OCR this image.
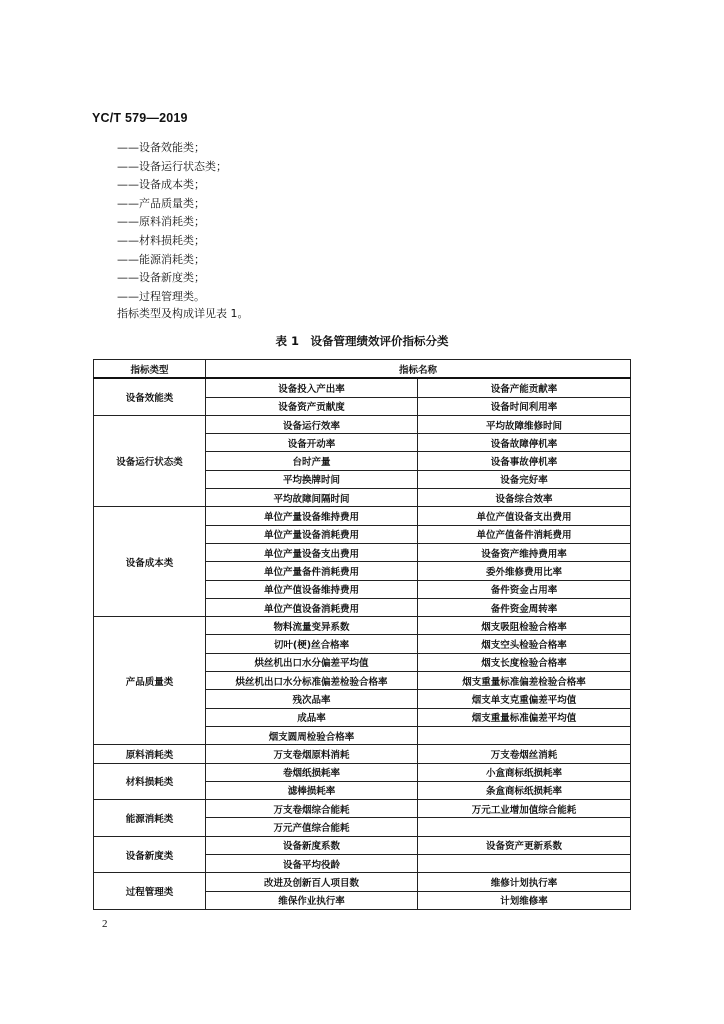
YC/T 579—2019
——设备效能类；
——设备运行状态类；
——设备成本类；
——产品质量类；
——原料消耗类；
——材料损耗类；
——能源消耗类；
——设备新度类；
——过程管理类。
指标类型及构成详见表 1。
表 1　设备管理绩效评价指标分类
指标类型	指标名称	
设备效能类	设备投入产出率	设备产能贡献率
	设备资产贡献度	设备时间利用率
设备运行状态类	设备运行效率	平均故障维修时间
	设备开动率	设备故障停机率
	台时产量	设备事故停机率
	平均换牌时间	设备完好率
	平均故障间隔时间	设备综合效率
设备成本类	单位产量设备维持费用	单位产值设备支出费用
	单位产量设备消耗费用	单位产值备件消耗费用
	单位产量设备支出费用	设备资产维持费用率
	单位产量备件消耗费用	委外维修费用比率
	单位产值设备维持费用	备件资金占用率
	单位产值设备消耗费用	备件资金周转率
产品质量类	物料流量变异系数	烟支吸阻检验合格率
	切叶(梗)丝合格率	烟支空头检验合格率
	烘丝机出口水分偏差平均值	烟支长度检验合格率
	烘丝机出口水分标准偏差检验合格率	烟支重量标准偏差检验合格率
	残次品率	烟支单支克重偏差平均值
	成品率	烟支重量标准偏差平均值
	烟支圆周检验合格率	
原料消耗类	万支卷烟原料消耗	万支卷烟丝消耗
材料损耗类	卷烟纸损耗率	小盒商标纸损耗率
	滤棒损耗率	条盒商标纸损耗率
能源消耗类	万支卷烟综合能耗	万元工业增加值综合能耗
	万元产值综合能耗	
设备新度类	设备新度系数	设备资产更新系数
	设备平均役龄	
过程管理类	改进及创新百人项目数	维修计划执行率
	维保作业执行率	计划维修率
2
